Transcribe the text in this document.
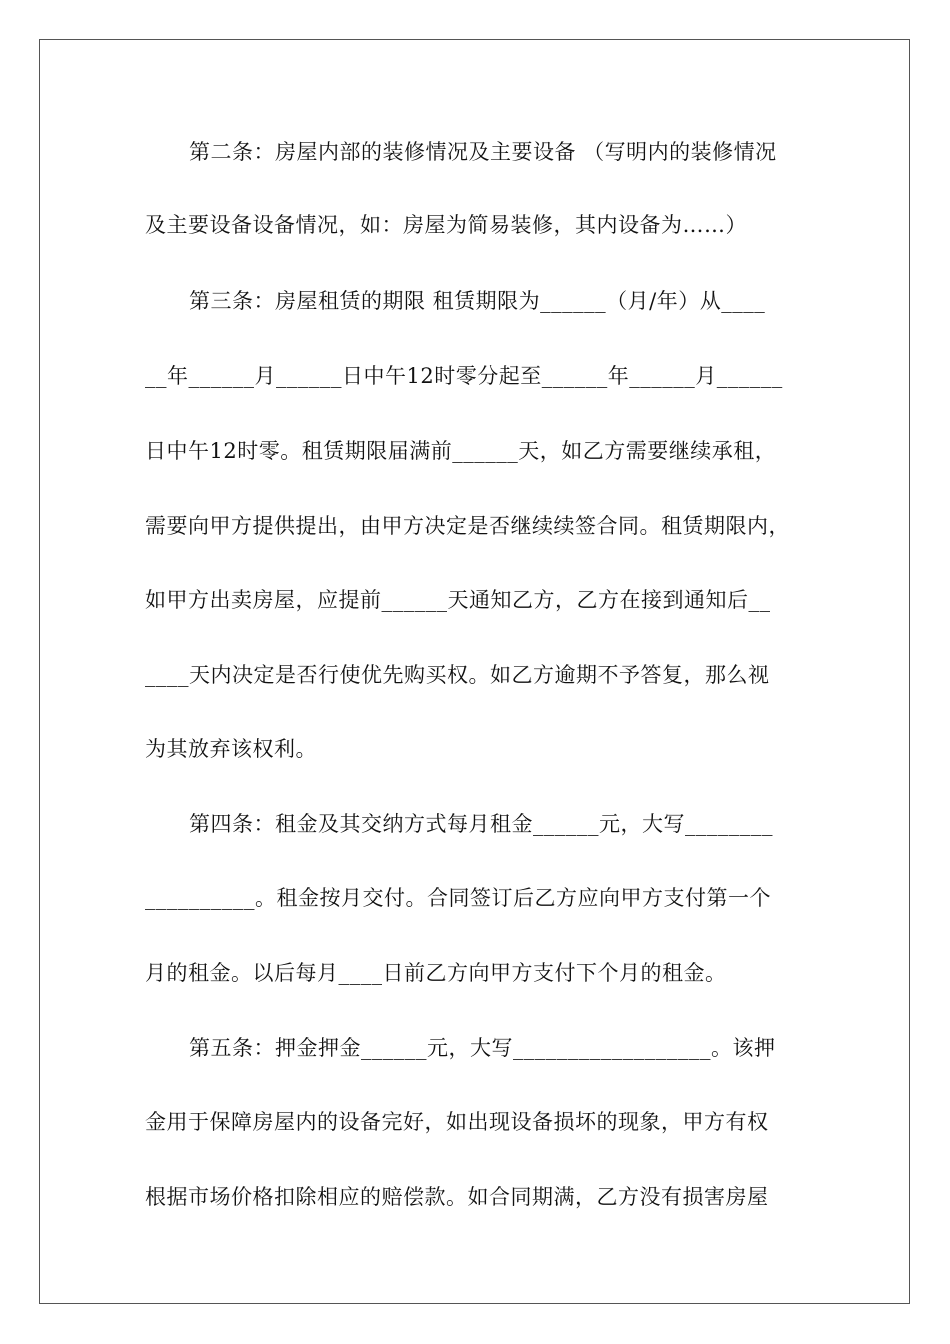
第二条：房屋内部的装修情况及主要设备 （写明内的装修情况
及主要设备设备情况，如：房屋为简易装修，其内设备为……）
第三条：房屋租赁的期限 租赁期限为______（月/年）从____
__年______月______日中午12时零分起至______年______月______
日中午12时零。租赁期限届满前______天，如乙方需要继续承租，
需要向甲方提供提出，由甲方决定是否继续续签合同。租赁期限内，
如甲方出卖房屋，应提前______天通知乙方，乙方在接到通知后__
____天内决定是否行使优先购买权。如乙方逾期不予答复，那么视
为其放弃该权利。
第四条：租金及其交纳方式每月租金______元，大写________
__________。租金按月交付。合同签订后乙方应向甲方支付第一个
月的租金。以后每月____日前乙方向甲方支付下个月的租金。
第五条：押金押金______元，大写__________________。该押
金用于保障房屋内的设备完好，如出现设备损坏的现象，甲方有权
根据市场价格扣除相应的赔偿款。如合同期满，乙方没有损害房屋
